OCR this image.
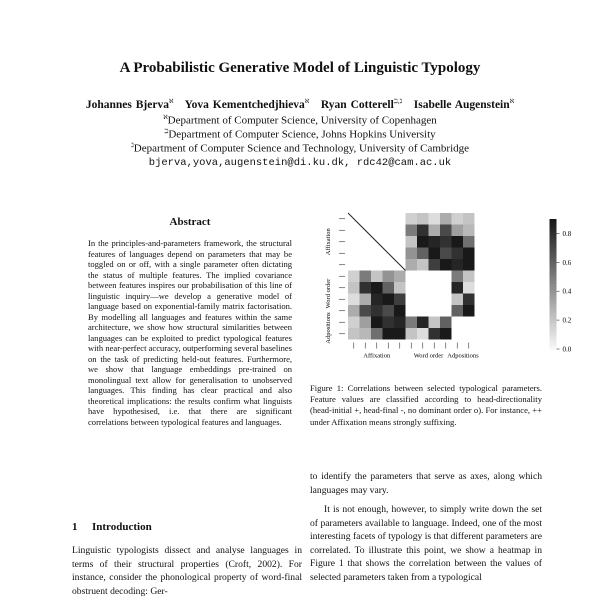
A Probabilistic Generative Model of Linguistic Typology
Johannes Bjerva$^ℵ$ Yova Kementchedjhieva$^ℵ$ Ryan Cotterell$^{ℶ,ℷ}$ Isabelle Augenstein$^ℵ$
$^ℵ$Department of Computer Science, University of Copenhagen
$^ℶ$Department of Computer Science, Johns Hopkins University
$^ℷ$Department of Computer Science and Technology, University of Cambridge
bjerva,yova,augenstein@di.ku.dk, rdc42@cam.ac.uk
Abstract
In the principles-and-parameters framework, the structural features of languages depend on parameters that may be toggled on or off, with a single parameter often dictating the status of multiple features. The implied covariance between features inspires our probabilisation of this line of linguistic inquiry—we develop a generative model of language based on exponential-family matrix factorisation. By modelling all languages and features within the same architecture, we show how structural similarities between languages can be exploited to predict typological features with near-perfect accuracy, outperforming several baselines on the task of predicting held-out features. Furthermore, we show that language embeddings pre-trained on monolingual text allow for generalisation to unobserved languages. This finding has clear practical and also theoretical implications: the results confirm what linguists have hypothesised, i.e. that there are significant correlations between typological features and languages.
1 Introduction
Linguistic typologists dissect and analyse languages in terms of their structural properties (Croft, 2002). For instance, consider the phonological property of word-final obstruent decoding: Ger-
Affixation
Affixation
Word order
Word order
Adpositions
Adpositions
0.8
0.6
0.4
0.2
0.0
Figure 1: Correlations between selected typological parameters. Feature values are classified according to head-directionality (head-initial +, head-final -, no dominant order o). For instance, ++ under Affixation means strongly suffixing.
to identify the parameters that serve as axes, along which languages may vary.
It is not enough, however, to simply write down the set of parameters available to language. Indeed, one of the most interesting facets of typology is that different parameters are correlated. To illustrate this point, we show a heatmap in Figure 1 that shows the correlation between the values of selected parameters taken from a typological
